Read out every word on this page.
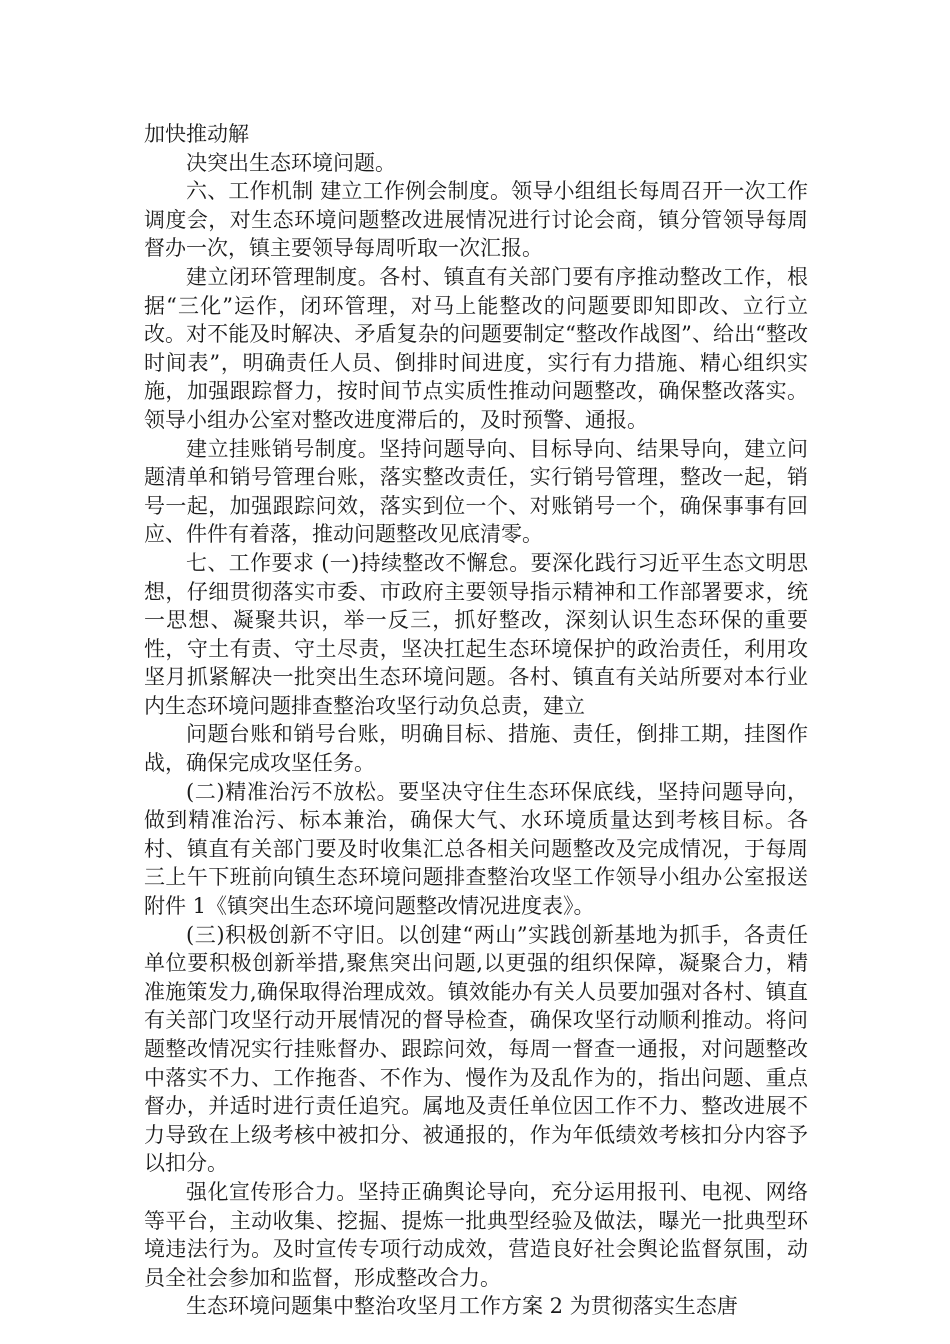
加快推动解

决突出生态环境问题。

六、工作机制 建立工作例会制度。领导小组组长每周召开一次工作调度会，对生态环境问题整改进展情况进行讨论会商，镇分管领导每周督办一次，镇主要领导每周听取一次汇报。

建立闭环管理制度。各村、镇直有关部门要有序推动整改工作，根据“三化”运作，闭环管理，对马上能整改的问题要即知即改、立行立改。对不能及时解决、矛盾复杂的问题要制定“整改作战图”、给出“整改时间表”，明确责任人员、倒排时间进度，实行有力措施、精心组织实施，加强跟踪督力，按时间节点实质性推动问题整改，确保整改落实。领导小组办公室对整改进度滞后的，及时预警、通报。

建立挂账销号制度。坚持问题导向、目标导向、结果导向，建立问题清单和销号管理台账，落实整改责任，实行销号管理，整改一起，销号一起，加强跟踪问效，落实到位一个、对账销号一个，确保事事有回应、件件有着落，推动问题整改见底清零。

七、工作要求 (一)持续整改不懈怠。要深化践行习近平生态文明思想，仔细贯彻落实市委、市政府主要领导指示精神和工作部署要求，统一思想、凝聚共识，举一反三，抓好整改，深刻认识生态环保的重要性，守土有责、守土尽责，坚决扛起生态环境保护的政治责任，利用攻坚月抓紧解决一批突出生态环境问题。各村、镇直有关站所要对本行业内生态环境问题排查整治攻坚行动负总责，建立

问题台账和销号台账，明确目标、措施、责任，倒排工期，挂图作战，确保完成攻坚任务。

(二)精准治污不放松。要坚决守住生态环保底线，坚持问题导向，做到精准治污、标本兼治，确保大气、水环境质量达到考核目标。各村、镇直有关部门要及时收集汇总各相关问题整改及完成情况，于每周三上午下班前向镇生态环境问题排查整治攻坚工作领导小组办公室报送附件 1《镇突出生态环境问题整改情况进度表》。

(三)积极创新不守旧。以创建“两山”实践创新基地为抓手，各责任单位要积极创新举措,聚焦突出问题,以更强的组织保障，凝聚合力，精准施策发力,确保取得治理成效。镇效能办有关人员要加强对各村、镇直有关部门攻坚行动开展情况的督导检查，确保攻坚行动顺利推动。将问题整改情况实行挂账督办、跟踪问效，每周一督查一通报，对问题整改中落实不力、工作拖沓、不作为、慢作为及乱作为的，指出问题、重点督办，并适时进行责任追究。属地及责任单位因工作不力、整改进展不力导致在上级考核中被扣分、被通报的，作为年低绩效考核扣分内容予以扣分。

强化宣传形合力。坚持正确舆论导向，充分运用报刊、电视、网络等平台，主动收集、挖掘、提炼一批典型经验及做法，曝光一批典型环境违法行为。及时宣传专项行动成效，营造良好社会舆论监督氛围，动员全社会参加和监督，形成整改合力。

生态环境问题集中整治攻坚月工作方案 2 为贯彻落实生态唐
